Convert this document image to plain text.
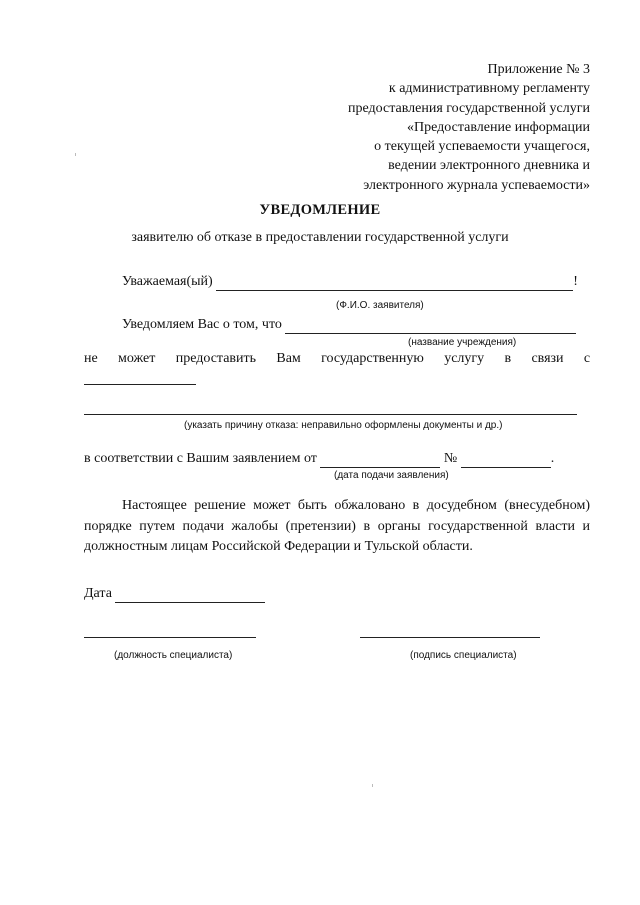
Приложение № 3
к административному регламенту
предоставления государственной услуги
«Предоставление информации
о текущей успеваемости учащегося,
ведении электронного дневника и
электронного журнала успеваемости»
УВЕДОМЛЕНИЕ
заявителю об отказе в предоставлении государственной услуги
Уважаемая(ый)	!
(Ф.И.О. заявителя)
Уведомляем Вас о том, что
(название учреждения)
не может предоставить Вам государственную услугу в связи с
(указать причину отказа: неправильно оформлены документы и др.)
в соответствии с Вашим заявлением от	№	.
(дата подачи заявления)
Настоящее решение может быть обжаловано в досудебном (внесудебном) порядке путем подачи жалобы (претензии) в органы государственной власти и должностным лицам Российской Федерации и Тульской области.
Дата
(должность специалиста)	(подпись специалиста)
